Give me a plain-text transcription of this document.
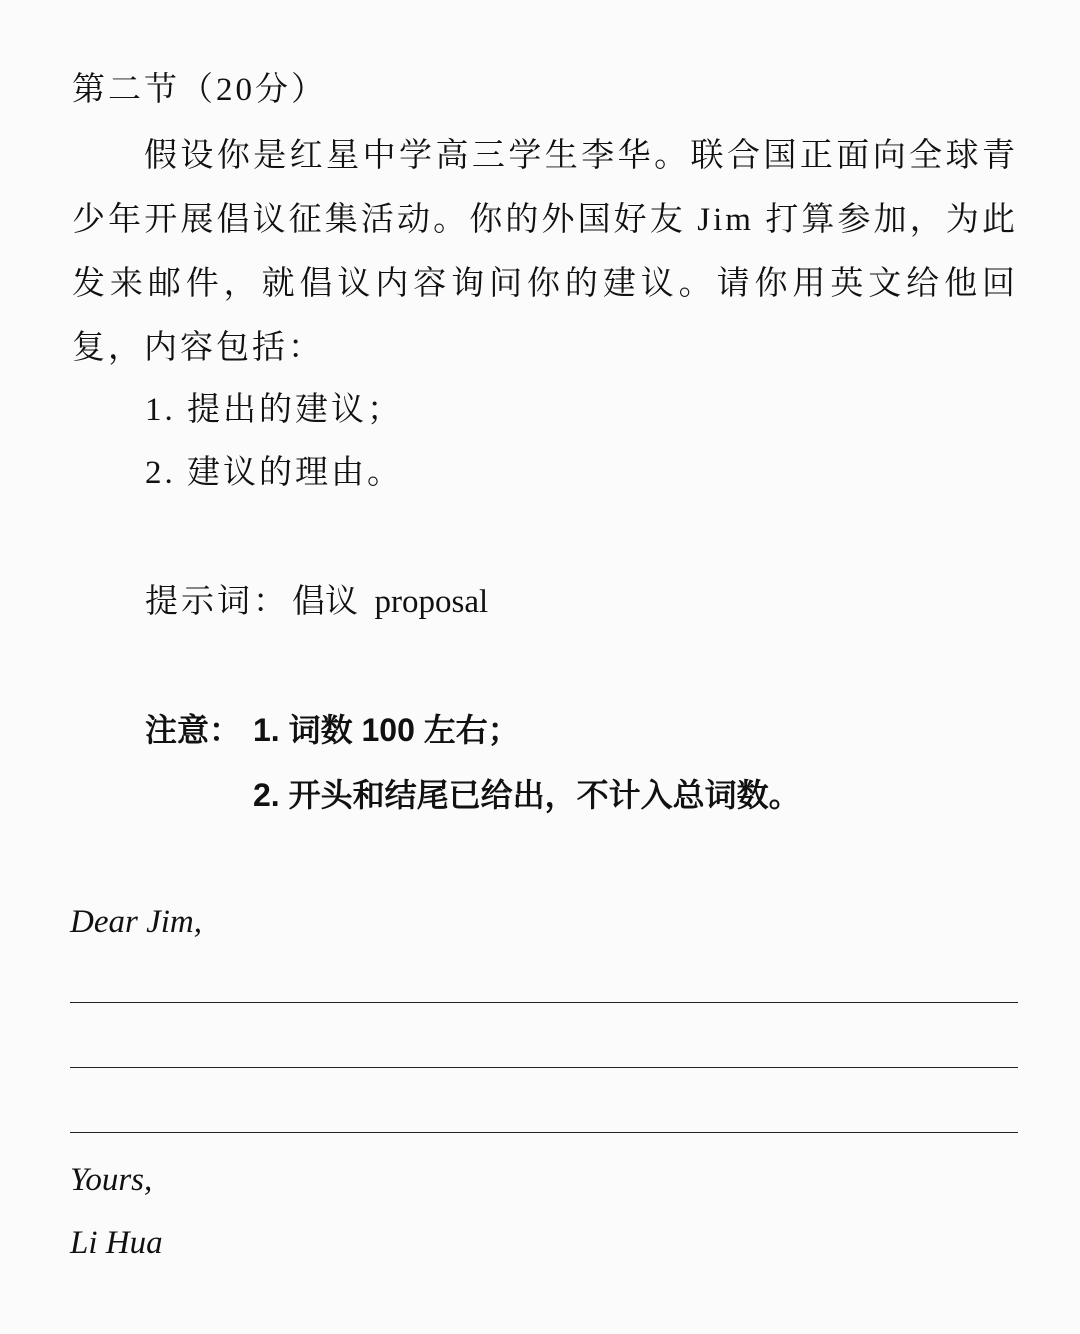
第二节（20分）
假设你是红星中学高三学生李华。联合国正面向全球青少年开展倡议征集活动。你的外国好友 Jim 打算参加，为此发来邮件，就倡议内容询问你的建议。请你用英文给他回复，内容包括：
1. 提出的建议；
2. 建议的理由。
提示词： 倡议  proposal
注意： 1. 词数 100 左右；
2. 开头和结尾已给出，不计入总词数。
Dear Jim,
Yours,
Li Hua
